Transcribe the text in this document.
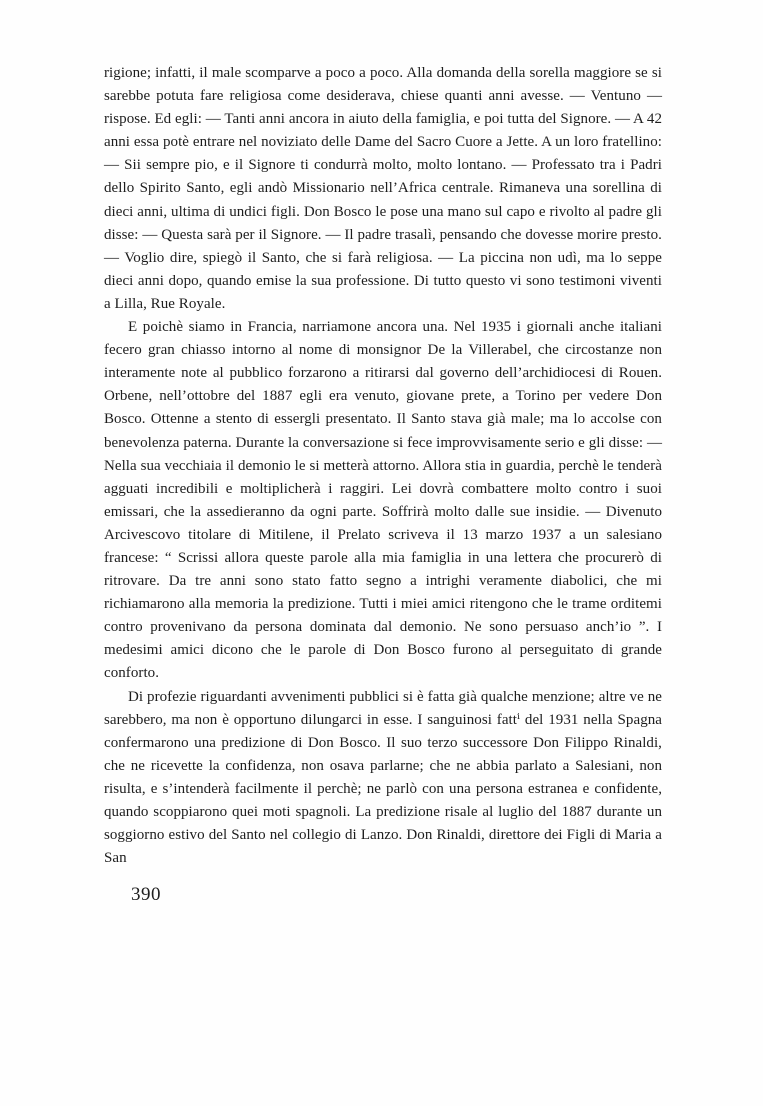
rigione; infatti, il male scomparve a poco a poco. Alla domanda della sorella maggiore se si sarebbe potuta fare religiosa come desiderava, chiese quanti anni avesse. — Ventuno — rispose. Ed egli: — Tanti anni ancora in aiuto della famiglia, e poi tutta del Signore. — A 42 anni essa potè entrare nel noviziato delle Dame del Sacro Cuore a Jette. A un loro fratellino: — Sii sempre pio, e il Signore ti condurrà molto, molto lontano. — Professato tra i Padri dello Spirito Santo, egli andò Missionario nell’Africa centrale. Rimaneva una sorellina di dieci anni, ultima di undici figli. Don Bosco le pose una mano sul capo e rivolto al padre gli disse: — Questa sarà per il Signore. — Il padre trasalì, pensando che dovesse morire presto. — Voglio dire, spiegò il Santo, che si farà religiosa. — La piccina non udì, ma lo seppe dieci anni dopo, quando emise la sua professione. Di tutto questo vi sono testimoni viventi a Lilla, Rue Royale.

E poichè siamo in Francia, narriamone ancora una. Nel 1935 i giornali anche italiani fecero gran chiasso intorno al nome di monsignor De la Villerabel, che circostanze non interamente note al pubblico forzarono a ritirarsi dal governo dell’archidiocesi di Rouen. Orbene, nell’ottobre del 1887 egli era venuto, giovane prete, a Torino per vedere Don Bosco. Ottenne a stento di essergli presentato. Il Santo stava già male; ma lo accolse con benevolenza paterna. Durante la conversazione si fece improvvisamente serio e gli disse: — Nella sua vecchiaia il demonio le si metterà attorno. Allora stia in guardia, perchè le tenderà agguati incredibili e moltiplicherà i raggiri. Lei dovrà combattere molto contro i suoi emissari, che la assedieranno da ogni parte. Soffrirà molto dalle sue insidie. — Divenuto Arcivescovo titolare di Mitilene, il Prelato scriveva il 13 marzo 1937 a un salesiano francese: “ Scrissi allora queste parole alla mia famiglia in una lettera che procurerò di ritrovare. Da tre anni sono stato fatto segno a intrighi veramente diabolici, che mi richiamarono alla memoria la predizione. Tutti i miei amici ritengono che le trame orditemi contro provenivano da persona dominata dal demonio. Ne sono persuaso anch’io ”. I medesimi amici dicono che le parole di Don Bosco furono al perseguitato di grande conforto.

Di profezie riguardanti avvenimenti pubblici si è fatta già qualche menzione; altre ve ne sarebbero, ma non è opportuno dilungarci in esse. I sanguinosi fattⁱ del 1931 nella Spagna confermarono una predizione di Don Bosco. Il suo terzo successore Don Filippo Rinaldi, che ne ricevette la confidenza, non osava parlarne; che ne abbia parlato a Salesiani, non risulta, e s’intenderà facilmente il perchè; ne parlò con una persona estranea e confidente, quando scoppiarono quei moti spagnoli. La predizione risale al luglio del 1887 durante un soggiorno estivo del Santo nel collegio di Lanzo. Don Rinaldi, direttore dei Figli di Maria a San

390
